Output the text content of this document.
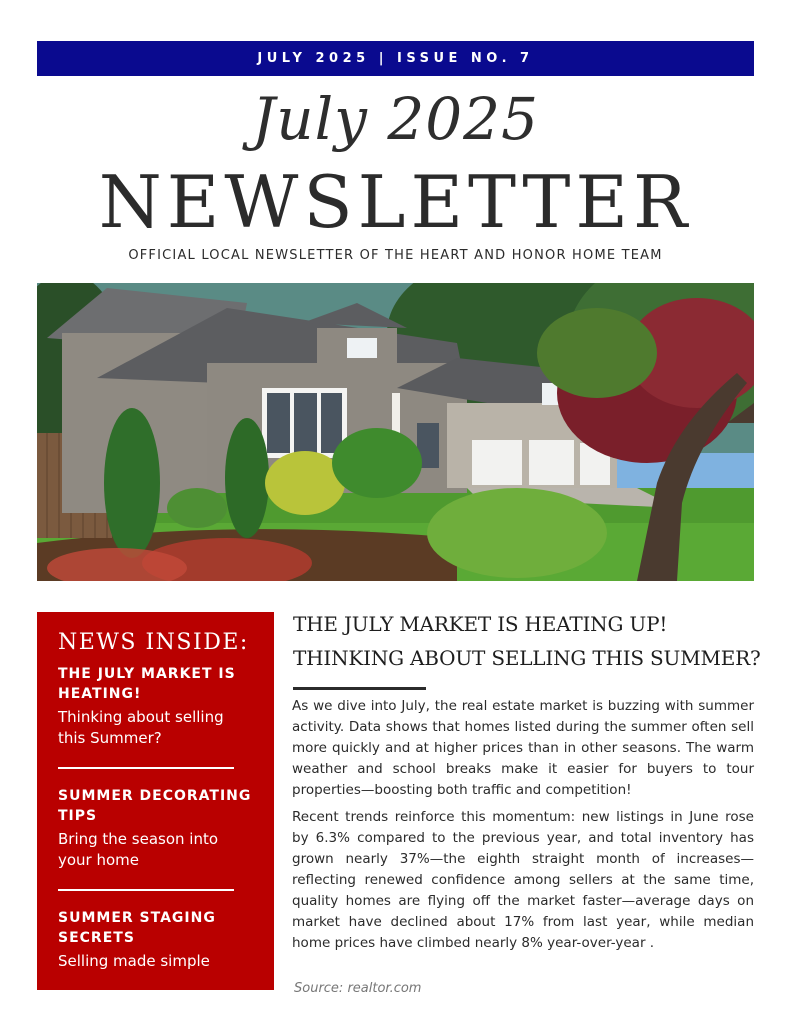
JULY 2025 | ISSUE NO. 7
July 2025
NEWSLETTER
OFFICIAL LOCAL NEWSLETTER OF THE HEART AND HONOR HOME TEAM
NEWS INSIDE:
THE JULY MARKET IS HEATING!
Thinking about selling this Summer?
SUMMER DECORATING TIPS
Bring the season into your home
SUMMER STAGING SECRETS
Selling made simple
THE JULY MARKET IS HEATING UP!
THINKING ABOUT SELLING THIS SUMMER?

As we dive into July, the real estate market is buzzing with summer activity. Data shows that homes listed during the summer often sell more quickly and at higher prices than in other seasons. The warm weather and school breaks make it easier for buyers to tour properties—boosting both traffic and competition!

Recent trends reinforce this momentum: new listings in June rose by 6.3% compared to the previous year, and total inventory has grown nearly 37%—the eighth straight month of increases—reflecting renewed confidence among sellers at the same time, quality homes are flying off the market faster—average days on market have declined about 17% from last year, while median home prices have climbed nearly 8% year-over-year .

Source: realtor.com
